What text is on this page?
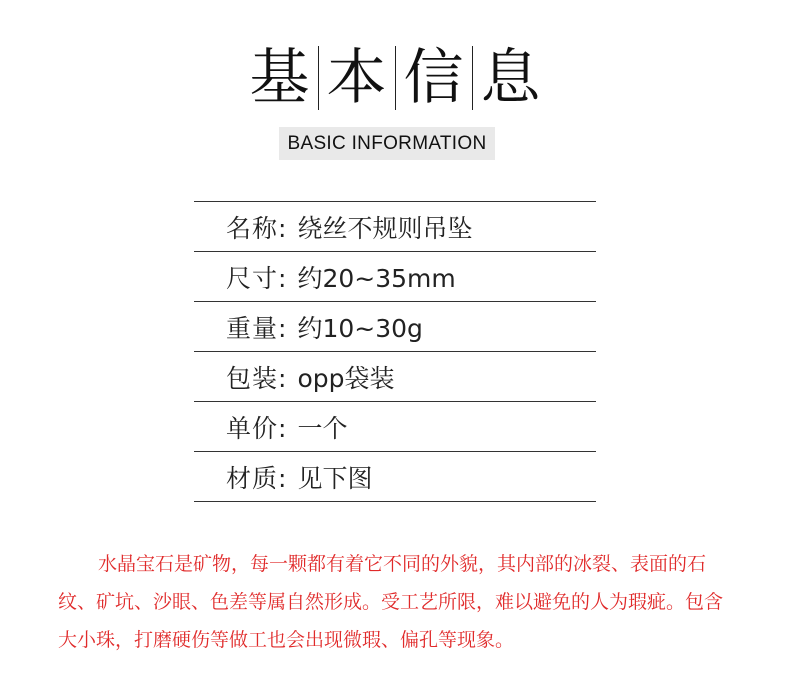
基 本 信 息
BASIC INFORMATION
名称: 绕丝不规则吊坠
尺寸: 约20~35mm
重量: 约10~30g
包装: opp袋装
单价: 一个
材质: 见下图

水晶宝石是矿物，每一颗都有着它不同的外貌，其内部的冰裂、表面的石纹、矿坑、沙眼、色差等属自然形成。受工艺所限，难以避免的人为瑕疵。包含大小珠，打磨硬伤等做工也会出现微瑕、偏孔等现象。
